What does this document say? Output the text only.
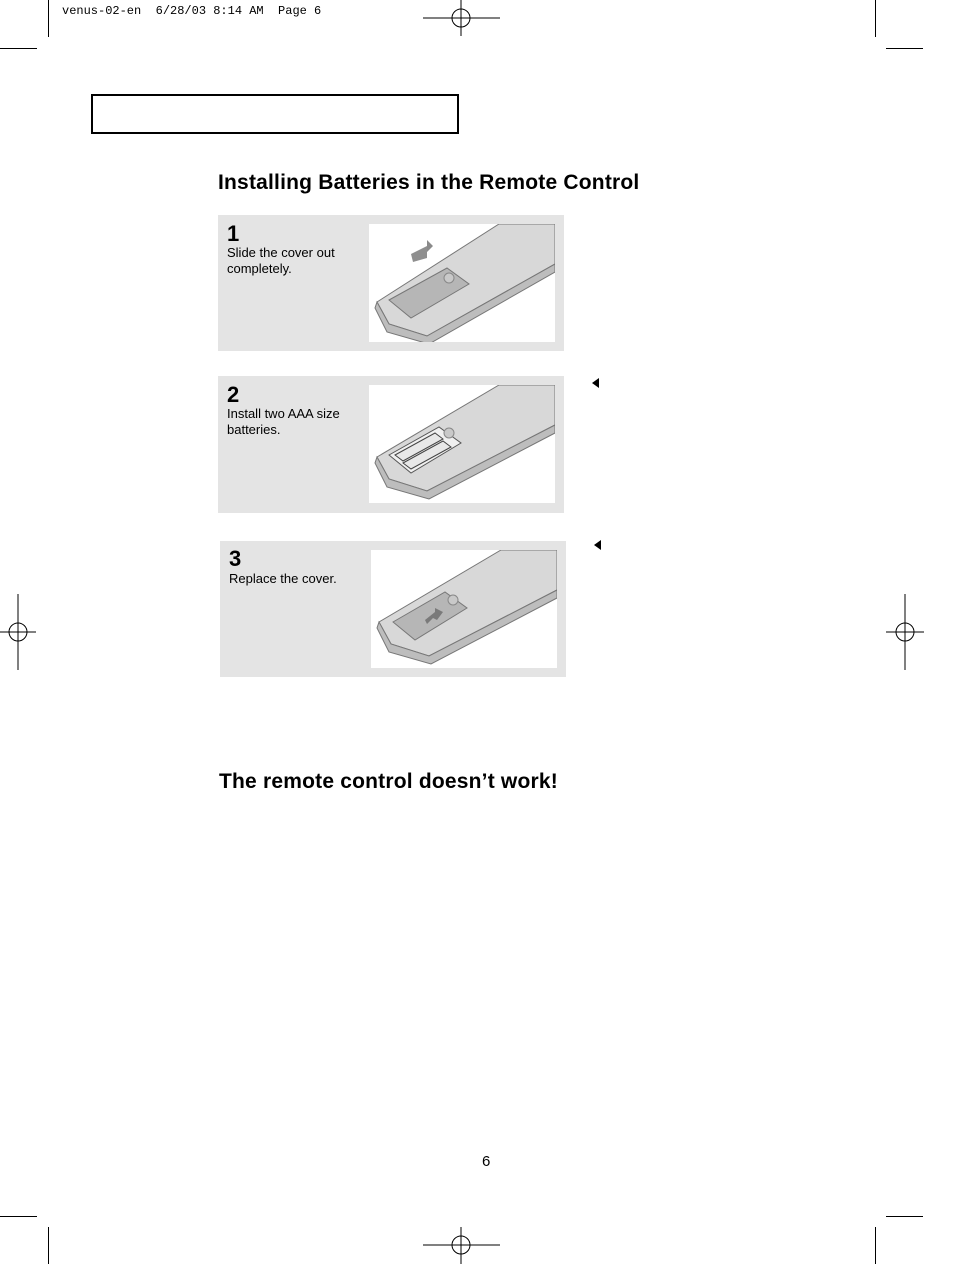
venus-02-en  6/28/03 8:14 AM  Page 6
Installing Batteries in the Remote Control
1
Slide the cover out completely.
2
Install two AAA size batteries.
3
Replace the cover.
The remote control doesn’t work!
6
